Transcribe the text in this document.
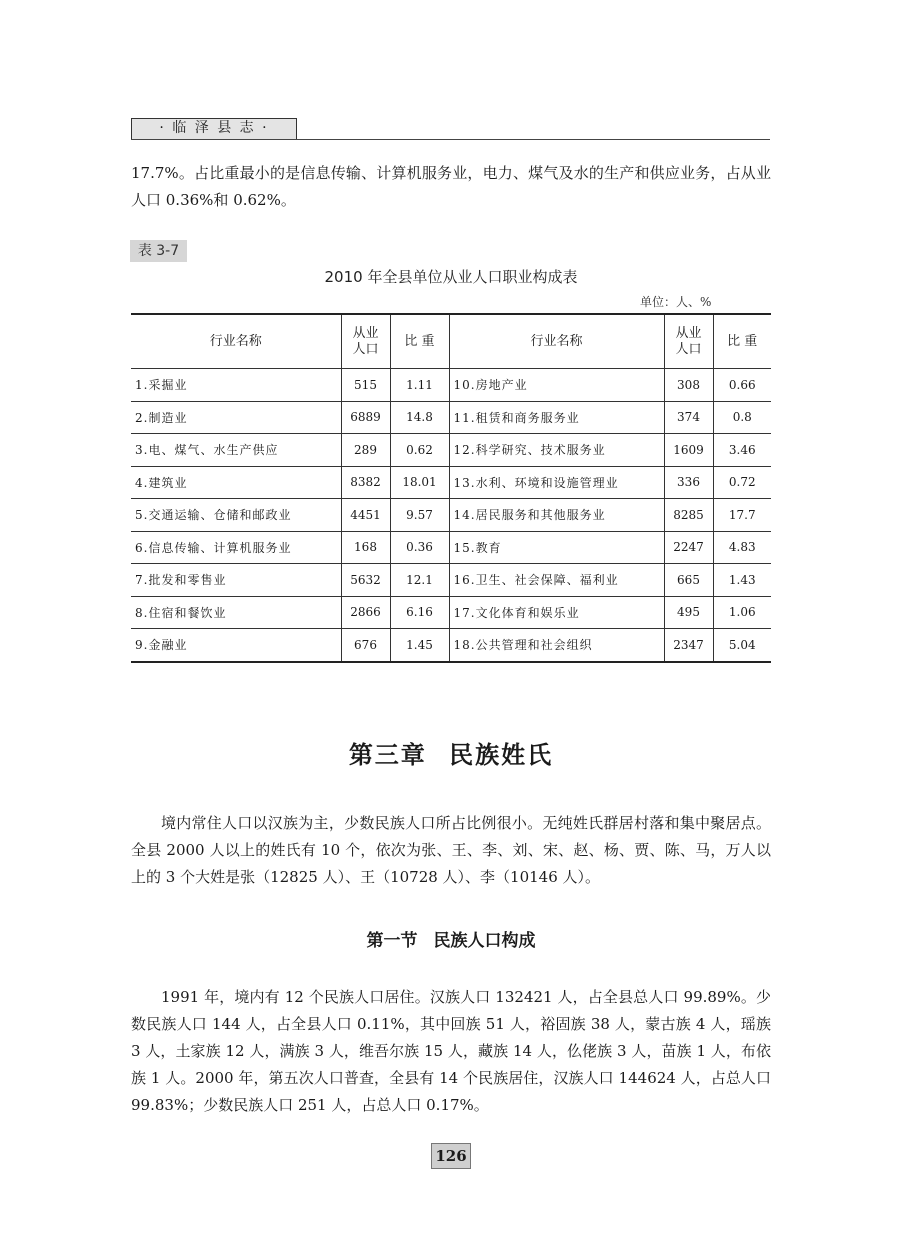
· 临 泽 县 志 ·

17.7%。占比重最小的是信息传输、计算机服务业，电力、煤气及水的生产和供应业务，占从业人口 0.36%和 0.62%。

表 3-7
2010 年全县单位从业人口职业构成表
单位：人、%
行业名称	从业人口	比 重	行业名称	从业人口	比 重
1.采掘业	515	1.11	10.房地产业	308	0.66
2.制造业	6889	14.8	11.租赁和商务服务业	374	0.8
3.电、煤气、水生产供应	289	0.62	12.科学研究、技术服务业	1609	3.46
4.建筑业	8382	18.01	13.水利、环境和设施管理业	336	0.72
5.交通运输、仓储和邮政业	4451	9.57	14.居民服务和其他服务业	8285	17.7
6.信息传输、计算机服务业	168	0.36	15.教育	2247	4.83
7.批发和零售业	5632	12.1	16.卫生、社会保障、福利业	665	1.43
8.住宿和餐饮业	2866	6.16	17.文化体育和娱乐业	495	1.06
9.金融业	676	1.45	18.公共管理和社会组织	2347	5.04
第三章 民族姓氏

境内常住人口以汉族为主，少数民族人口所占比例很小。无纯姓氏群居村落和集中聚居点。全县 2000 人以上的姓氏有 10 个，依次为张、王、李、刘、宋、赵、杨、贾、陈、马，万人以上的 3 个大姓是张（12825 人）、王（10728 人）、李（10146 人）。

第一节 民族人口构成

1991 年，境内有 12 个民族人口居住。汉族人口 132421 人，占全县总人口 99.89%。少数民族人口 144 人，占全县人口 0.11%，其中回族 51 人，裕固族 38 人，蒙古族 4 人，瑶族 3 人，土家族 12 人，满族 3 人，维吾尔族 15 人，藏族 14 人，仫佬族 3 人，苗族 1 人，布依族 1 人。2000 年，第五次人口普查，全县有 14 个民族居住，汉族人口 144624 人，占总人口 99.83%；少数民族人口 251 人，占总人口 0.17%。

126
